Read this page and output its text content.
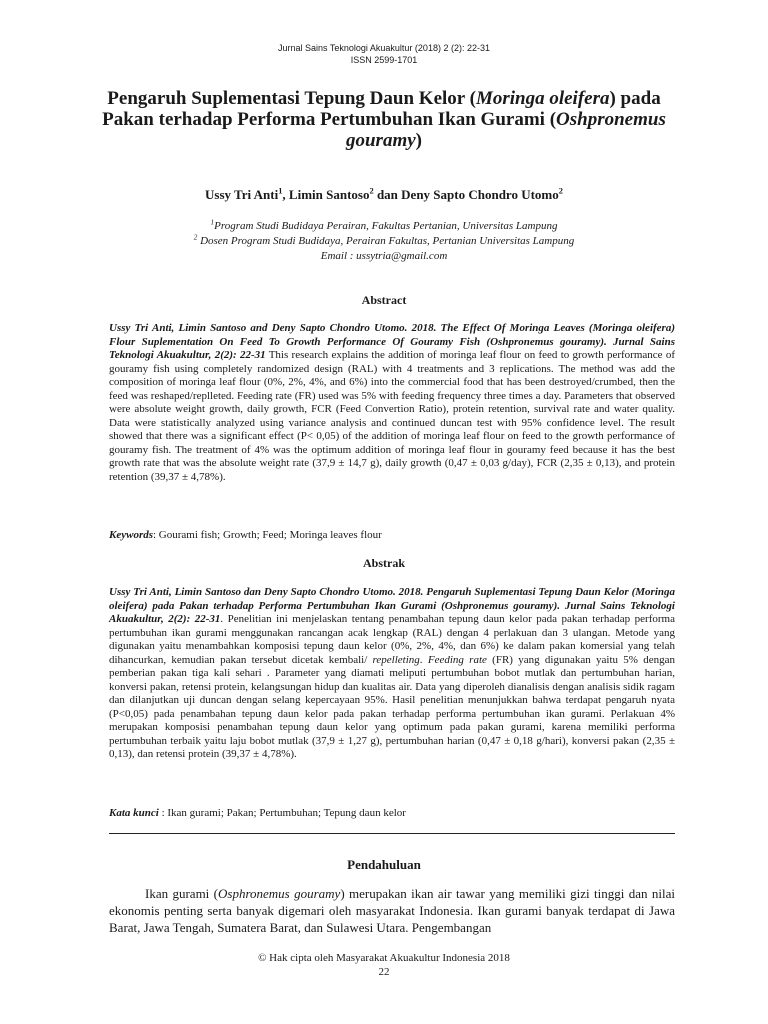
Jurnal Sains Teknologi Akuakultur (2018) 2 (2): 22-31
ISSN 2599-1701
Pengaruh Suplementasi Tepung Daun Kelor (Moringa oleifera) pada Pakan terhadap Performa Pertumbuhan Ikan Gurami (Oshpronemus gouramy)
Ussy Tri Anti$^1$, Limin Santoso$^2$ dan Deny Sapto Chondro Utomo$^2$
$^1$Program Studi Budidaya Perairan, Fakultas Pertanian, Universitas Lampung
$^2$ Dosen Program Studi Budidaya, Perairan Fakultas, Pertanian Universitas Lampung
Email : ussytria@gmail.com
Abstract
Ussy Tri Anti, Limin Santoso and Deny Sapto Chondro Utomo. 2018. The Effect Of Moringa Leaves (Moringa oleifera) Flour Suplementation On Feed To Growth Performance Of Gouramy Fish (Oshpronemus gouramy). Jurnal Sains Teknologi Akuakultur, 2(2): 22-31 This research explains the addition of moringa leaf flour on feed to growth performance of gouramy fish using completely randomized design (RAL) with 4 treatments and 3 replications. The method was add the composition of moringa leaf flour (0%, 2%, 4%, and 6%) into the commercial food that has been destroyed/crumbed, then the feed was reshaped/replleted. Feeding rate (FR) used was 5% with feeding frequency three times a day. Parameters that observed were absolute weight growth, daily growth, FCR (Feed Convertion Ratio), protein retention, survival rate and water quality. Data were statistically analyzed using variance analysis and continued duncan test with 95% confidence level. The result showed that there was a significant effect (P< 0,05) of the addition of moringa leaf flour on feed to the growth performance of gouramy fish. The treatment of 4% was the optimum addition of moringa leaf flour in gouramy feed because it has the best growth rate that was the absolute weight rate (37,9 ± 14,7 g), daily growth (0,47 ± 0,03 g/day), FCR (2,35 ± 0,13), and protein retention (39,37 ± 4,78%).
Keywords: Gourami fish; Growth; Feed; Moringa leaves flour
Abstrak
Ussy Tri Anti, Limin Santoso dan Deny Sapto Chondro Utomo. 2018. Pengaruh Suplementasi Tepung Daun Kelor (Moringa oleifera) pada Pakan terhadap Performa Pertumbuhan Ikan Gurami (Oshpronemus gouramy). Jurnal Sains Teknologi Akuakultur, 2(2): 22-31. Penelitian ini menjelaskan tentang penambahan tepung daun kelor pada pakan terhadap performa pertumbuhan ikan gurami menggunakan rancangan acak lengkap (RAL) dengan 4 perlakuan dan 3 ulangan. Metode yang digunakan yaitu menambahkan komposisi tepung daun kelor (0%, 2%, 4%, dan 6%) ke dalam pakan komersial yang telah dihancurkan, kemudian pakan tersebut dicetak kembali/ repelleting. Feeding rate (FR) yang digunakan yaitu 5% dengan pemberian pakan tiga kali sehari . Parameter yang diamati meliputi pertumbuhan bobot mutlak dan pertumbuhan harian, konversi pakan, retensi protein, kelangsungan hidup dan kualitas air. Data yang diperoleh dianalisis dengan analisis sidik ragam dan dilanjutkan uji duncan dengan selang kepercayaan 95%. Hasil penelitian menunjukkan bahwa terdapat pengaruh nyata (P<0,05) pada penambahan tepung daun kelor pada pakan terhadap performa pertumbuhan ikan gurami. Perlakuan 4% merupakan komposisi penambahan tepung daun kelor yang optimum pada pakan gurami, karena memiliki performa pertumbuhan terbaik yaitu laju bobot mutlak (37,9 ± 1,27 g), pertumbuhan harian (0,47 ± 0,18 g/hari), konversi pakan (2,35 ± 0,13), dan retensi protein (39,37 ± 4,78%).
Kata kunci : Ikan gurami; Pakan; Pertumbuhan; Tepung daun kelor
Pendahuluan
Ikan gurami (Osphronemus gouramy) merupakan ikan air tawar yang memiliki gizi tinggi dan nilai ekonomis penting serta banyak digemari oleh masyarakat Indonesia. Ikan gurami banyak terdapat di Jawa Barat, Jawa Tengah, Sumatera Barat, dan Sulawesi Utara. Pengembangan
© Hak cipta oleh Masyarakat Akuakultur Indonesia 2018
22
